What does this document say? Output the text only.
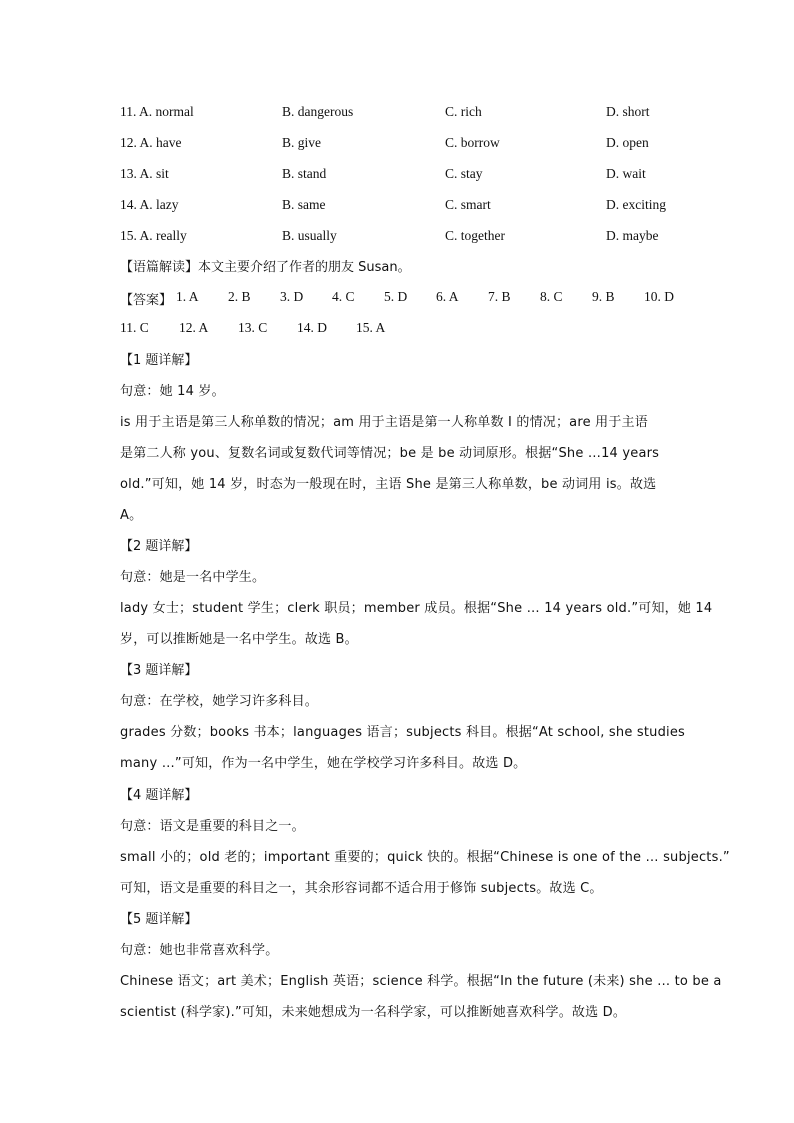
11. A. normal	B. dangerous	C. rich	D. short
12. A. have	B. give	C. borrow	D. open
13. A. sit	B. stand	C. stay	D. wait
14. A. lazy	B. same	C. smart	D. exciting
15. A. really	B. usually	C. together	D. maybe
【语篇解读】本文主要介绍了作者的朋友 Susan。
【答案】 1. A 2. B 3. D 4. C 5. D 6. A 7. B 8. C 9. B 10. D
11. C 12. A 13. C 14. D 15. A
【1 题详解】
句意：她 14 岁。
is 用于主语是第三人称单数的情况；am 用于主语是第一人称单数 I 的情况；are 用于主语
是第二人称 you、复数名词或复数代词等情况；be 是 be 动词原形。根据“She …14 years
old.”可知，她 14 岁，时态为一般现在时，主语 She 是第三人称单数，be 动词用 is。故选
A。
【2 题详解】
句意：她是一名中学生。
lady 女士；student 学生；clerk 职员；member 成员。根据“She … 14 years old.”可知，她 14
岁，可以推断她是一名中学生。故选 B。
【3 题详解】
句意：在学校，她学习许多科目。
grades 分数；books 书本；languages 语言；subjects 科目。根据“At school, she studies
many …”可知，作为一名中学生，她在学校学习许多科目。故选 D。
【4 题详解】
句意：语文是重要的科目之一。
small 小的；old 老的；important 重要的；quick 快的。根据“Chinese is one of the … subjects.”
可知，语文是重要的科目之一，其余形容词都不适合用于修饰 subjects。故选 C。
【5 题详解】
句意：她也非常喜欢科学。
Chinese 语文；art 美术；English 英语；science 科学。根据“In the future (未来) she … to be a
scientist (科学家).”可知，未来她想成为一名科学家，可以推断她喜欢科学。故选 D。
